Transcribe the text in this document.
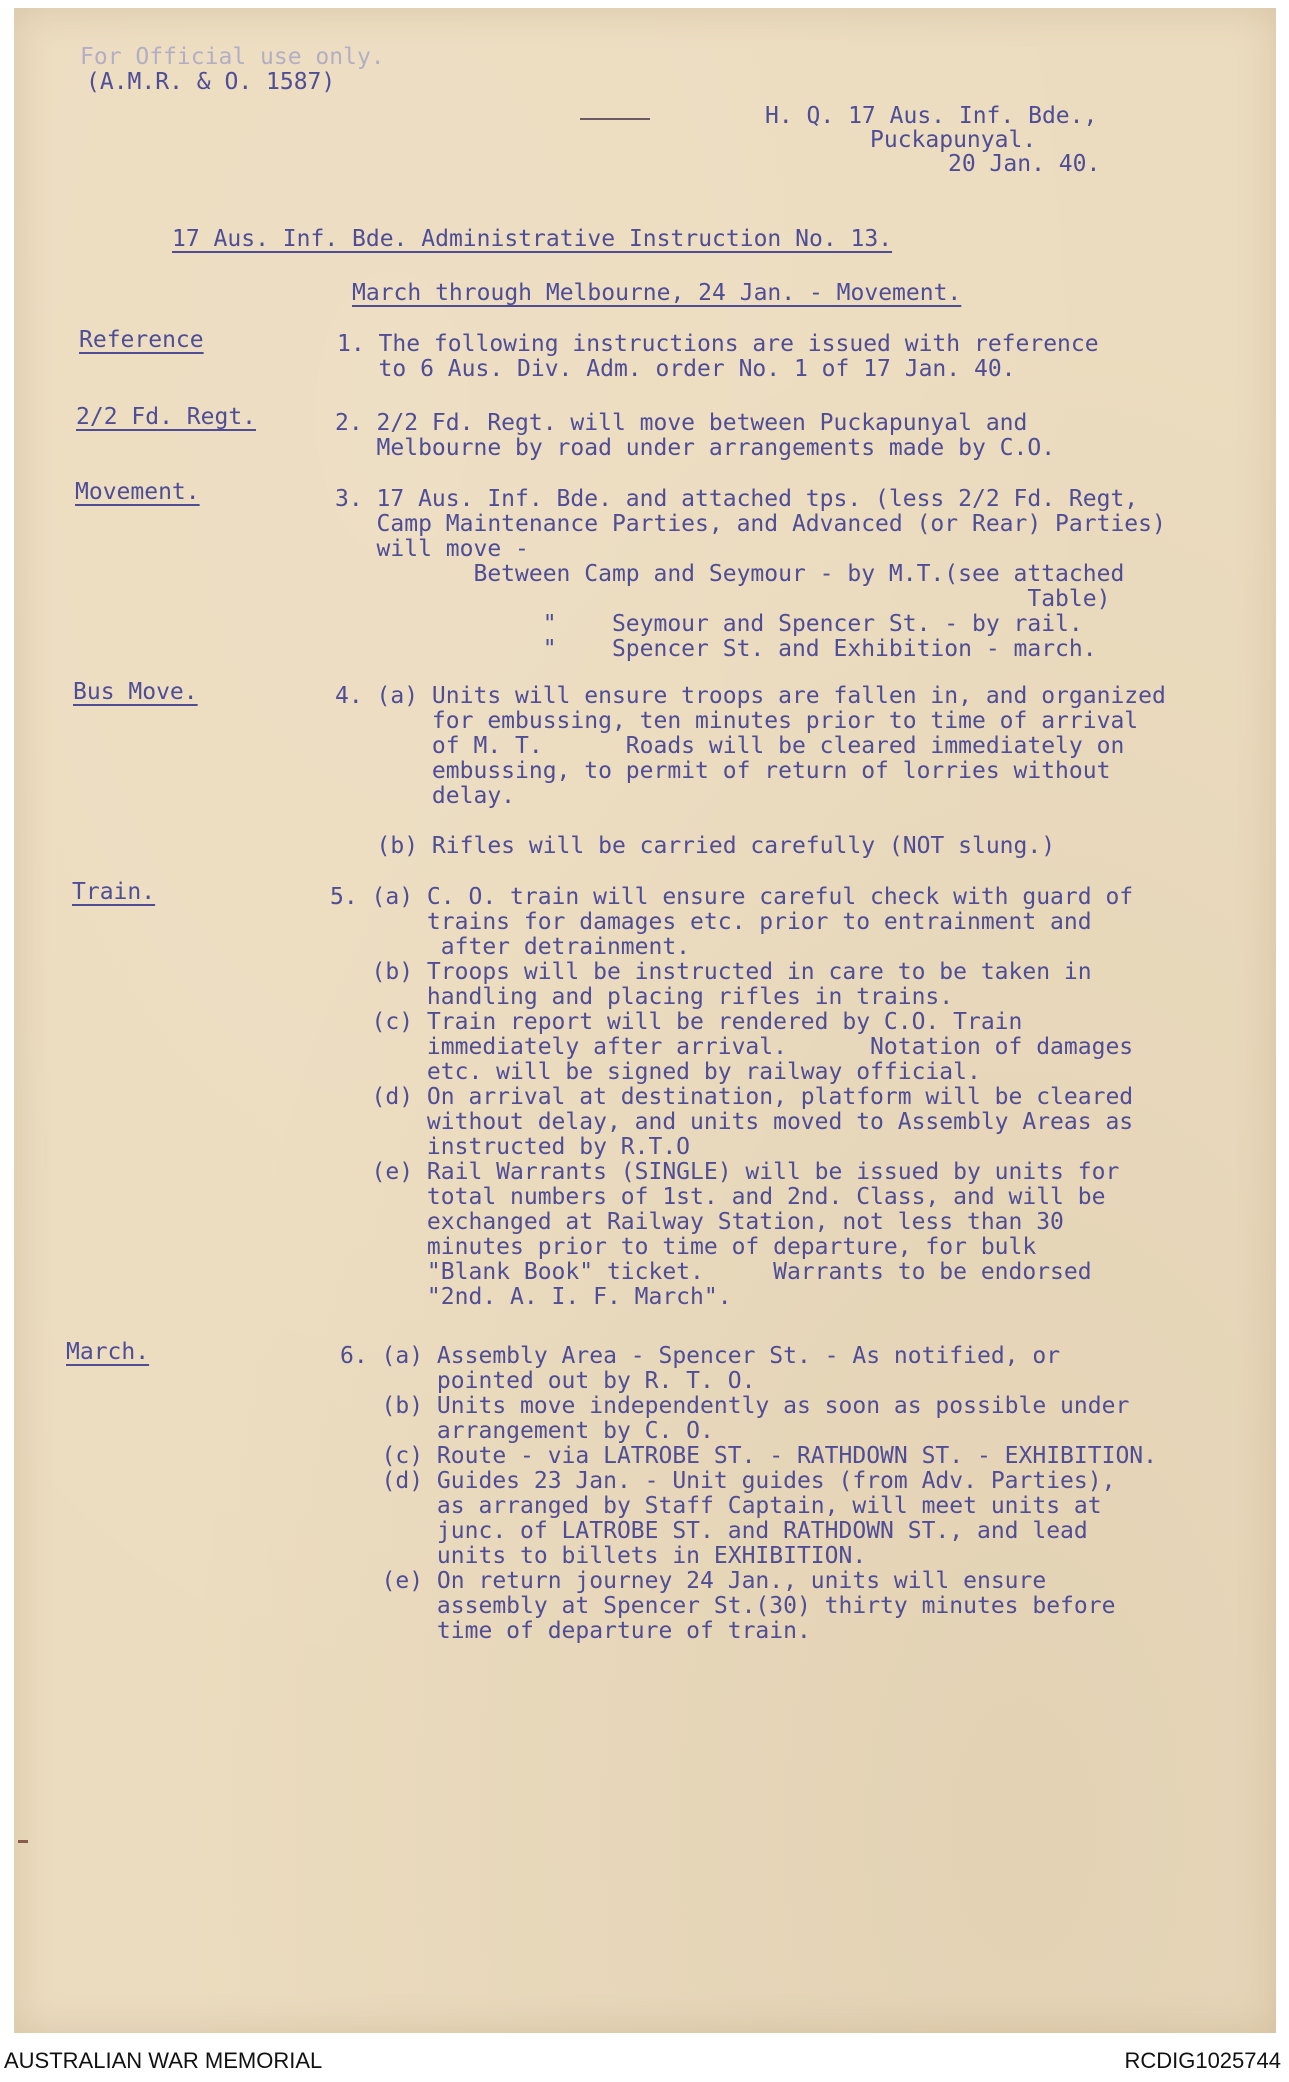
For Official use only.
(A.M.R. & O. 1587)
H. Q. 17 Aus. Inf. Bde.,
Puckapunyal.
20 Jan. 40.
17 Aus. Inf. Bde. Administrative Instruction No. 13.
March through Melbourne, 24 Jan. - Movement.
Reference	1. The following instructions are issued with reference
to 6 Aus. Div. Adm. order No. 1 of 17 Jan. 40.
2/2 Fd. Regt.	2. 2/2 Fd. Regt. will move between Puckapunyal and
Melbourne by road under arrangements made by C.O.
Movement.	3. 17 Aus. Inf. Bde. and attached tps. (less 2/2 Fd. Regt,
Camp Maintenance Parties, and Advanced (or Rear) Parties)
will move -
Between Camp and Seymour - by M.T.(see attached
Table)
"    Seymour and Spencer St. - by rail.
"    Spencer St. and Exhibition - march.
Bus Move.	4. (a) Units will ensure troops are fallen in, and organized
for embussing, ten minutes prior to time of arrival
of M. T.      Roads will be cleared immediately on
embussing, to permit of return of lorries without
delay.

(b) Rifles will be carried carefully (NOT slung.)
Train.	5. (a) C. O. train will ensure careful check with guard of
trains for damages etc. prior to entrainment and
after detrainment.
(b) Troops will be instructed in care to be taken in
handling and placing rifles in trains.
(c) Train report will be rendered by C.O. Train
immediately after arrival.      Notation of damages
etc. will be signed by railway official.
(d) On arrival at destination, platform will be cleared
without delay, and units moved to Assembly Areas as
instructed by R.T.O
(e) Rail Warrants (SINGLE) will be issued by units for
total numbers of 1st. and 2nd. Class, and will be
exchanged at Railway Station, not less than 30
minutes prior to time of departure, for bulk
"Blank Book" ticket.     Warrants to be endorsed
"2nd. A. I. F. March".
March.	6. (a) Assembly Area - Spencer St. - As notified, or
pointed out by R. T. O.
(b) Units move independently as soon as possible under
arrangement by C. O.
(c) Route - via LATROBE ST. - RATHDOWN ST. - EXHIBITION.
(d) Guides 23 Jan. - Unit guides (from Adv. Parties),
as arranged by Staff Captain, will meet units at
junc. of LATROBE ST. and RATHDOWN ST., and lead
units to billets in EXHIBITION.
(e) On return journey 24 Jan., units will ensure
assembly at Spencer St.(30) thirty minutes before
time of departure of train.
AUSTRALIAN WAR MEMORIAL	RCDIG1025744
